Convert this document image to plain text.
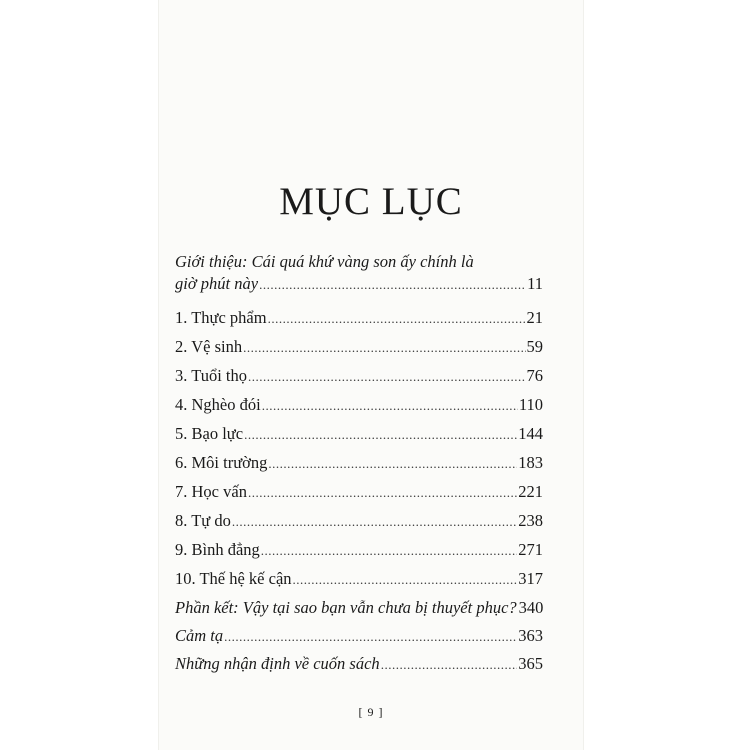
MỤC LỤC
Giới thiệu: Cái quá khứ vàng son ấy chính là
giờ phút này .....	11
1. Thực phẩm .....	21
2. Vệ sinh .....	59
3. Tuổi thọ .....	76
4. Nghèo đói .....	110
5. Bạo lực .....	144
6. Môi trường .....	183
7. Học vấn .....	221
8. Tự do .....	238
9. Bình đẳng .....	271
10. Thế hệ kế cận .....	317
Phần kết: Vậy tại sao bạn vẫn chưa bị thuyết phục? 340
Cảm tạ .....	363
Những nhận định về cuốn sách .....	365
[ 9 ]
